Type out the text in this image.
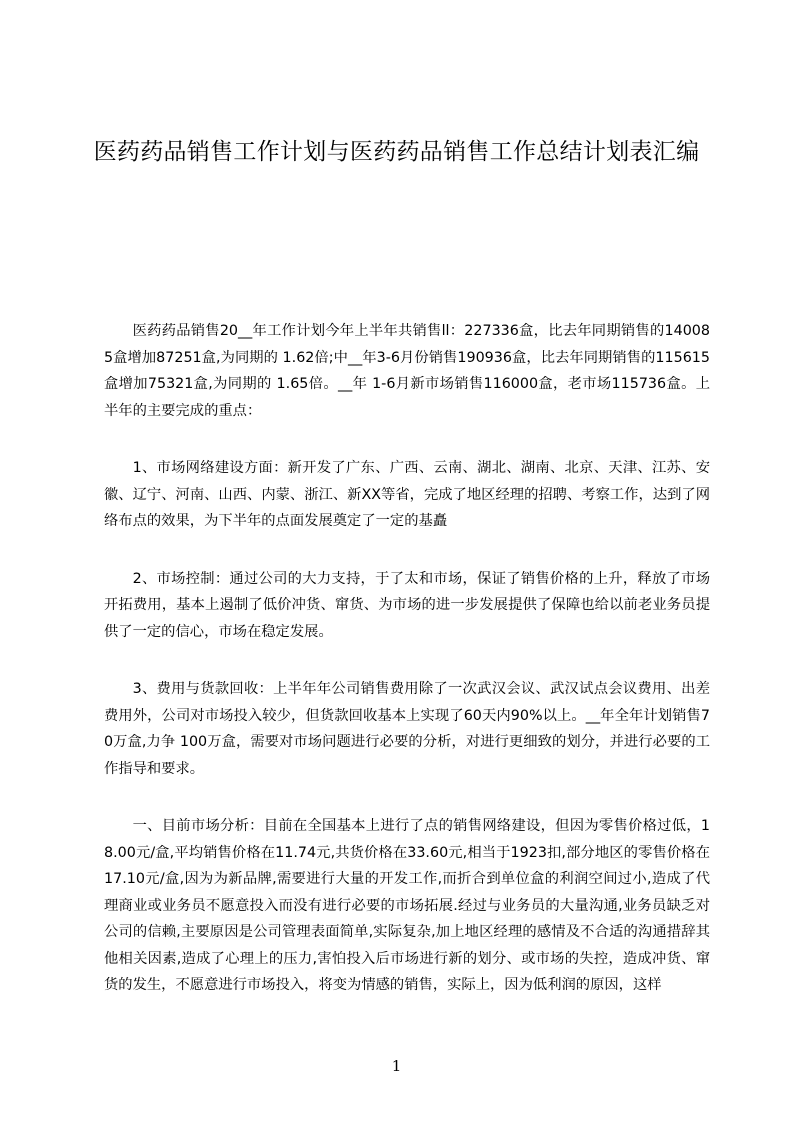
医药药品销售工作计划与医药药品销售工作总结计划表汇编

医药药品销售20__年工作计划今年上半年共销售ll：227336盒，比去年同期销售的140085盒增加87251盒,为同期的 1.62倍;中__年3-6月份销售190936盒，比去年同期销售的115615盒增加75321盒,为同期的 1.65倍。__年 1-6月新市场销售116000盒，老市场115736盒。上半年的主要完成的重点：

1、市场网络建设方面：新开发了广东、广西、云南、湖北、湖南、北京、天津、江苏、安徽、辽宁、河南、山西、内蒙、浙江、新XX等省，完成了地区经理的招聘、考察工作，达到了网络布点的效果，为下半年的点面发展奠定了一定的基矗

2、市场控制：通过公司的大力支持，于了太和市场，保证了销售价格的上升，释放了市场开拓费用，基本上遏制了低价冲货、窜货、为市场的进一步发展提供了保障也给以前老业务员提供了一定的信心，市场在稳定发展。

3、费用与货款回收：上半年年公司销售费用除了一次武汉会议、武汉试点会议费用、出差费用外，公司对市场投入较少，但货款回收基本上实现了60天内90%以上。__年全年计划销售70万盒,力争 100万盒，需要对市场问题进行必要的分析，对进行更细致的划分，并进行必要的工作指导和要求。

一、目前市场分析：目前在全国基本上进行了点的销售网络建设，但因为零售价格过低，18.00元/盒,平均销售价格在11.74元,共货价格在33.60元,相当于1923扣,部分地区的零售价格在17.10元/盒,因为为新品牌,需要进行大量的开发工作,而折合到单位盒的利润空间过小,造成了代理商业或业务员不愿意投入而没有进行必要的市场拓展.经过与业务员的大量沟通,业务员缺乏对公司的信赖,主要原因是公司管理表面简单,实际复杂,加上地区经理的感情及不合适的沟通措辞其他相关因素,造成了心理上的压力,害怕投入后市场进行新的划分、或市场的失控，造成冲货、窜货的发生，不愿意进行市场投入，将变为情感的销售，实际上，因为低利润的原因，这样

1
